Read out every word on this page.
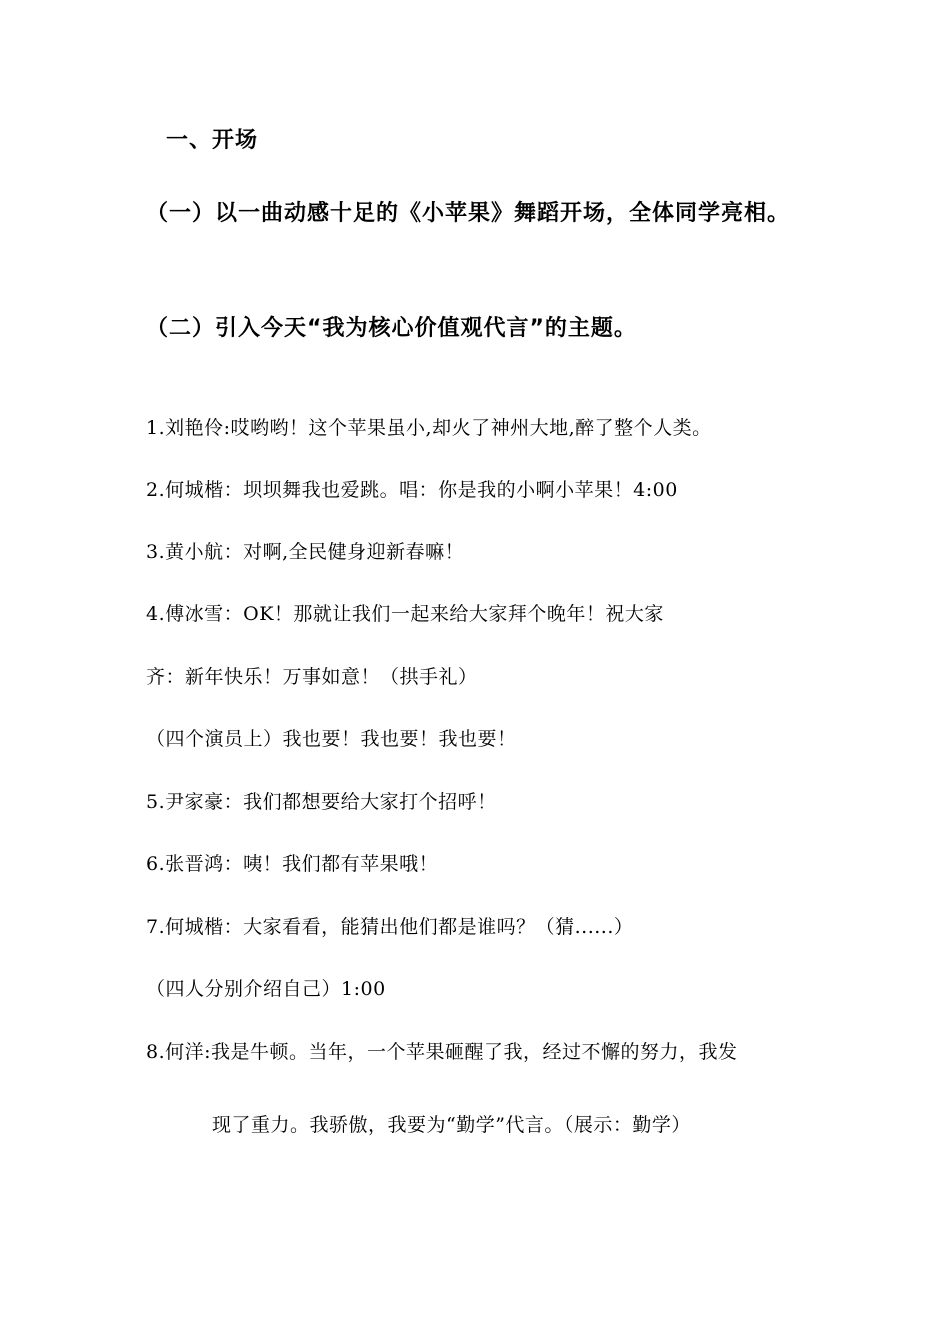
一、开场
（一）以一曲动感十足的《小苹果》舞蹈开场，全体同学亮相。
（二）引入今天“我为核心价值观代言”的主题。
1.刘艳伶:哎哟哟！这个苹果虽小,却火了神州大地,醉了整个人类。
2.何城楷：坝坝舞我也爱跳。唱：你是我的小啊小苹果！4:00
3.黄小航：对啊,全民健身迎新春嘛！
4.傅冰雪：OK！那就让我们一起来给大家拜个晚年！祝大家
齐：新年快乐！万事如意！（拱手礼）
（四个演员上）我也要！我也要！我也要！
5.尹家豪：我们都想要给大家打个招呼！
6.张晋鸿：咦！我们都有苹果哦！
7.何城楷：大家看看，能猜出他们都是谁吗？（猜......）
（四人分别介绍自己）1:00
8.何洋:我是牛顿。当年，一个苹果砸醒了我，经过不懈的努力，我发
现了重力。我骄傲，我要为“勤学”代言。（展示：勤学）
